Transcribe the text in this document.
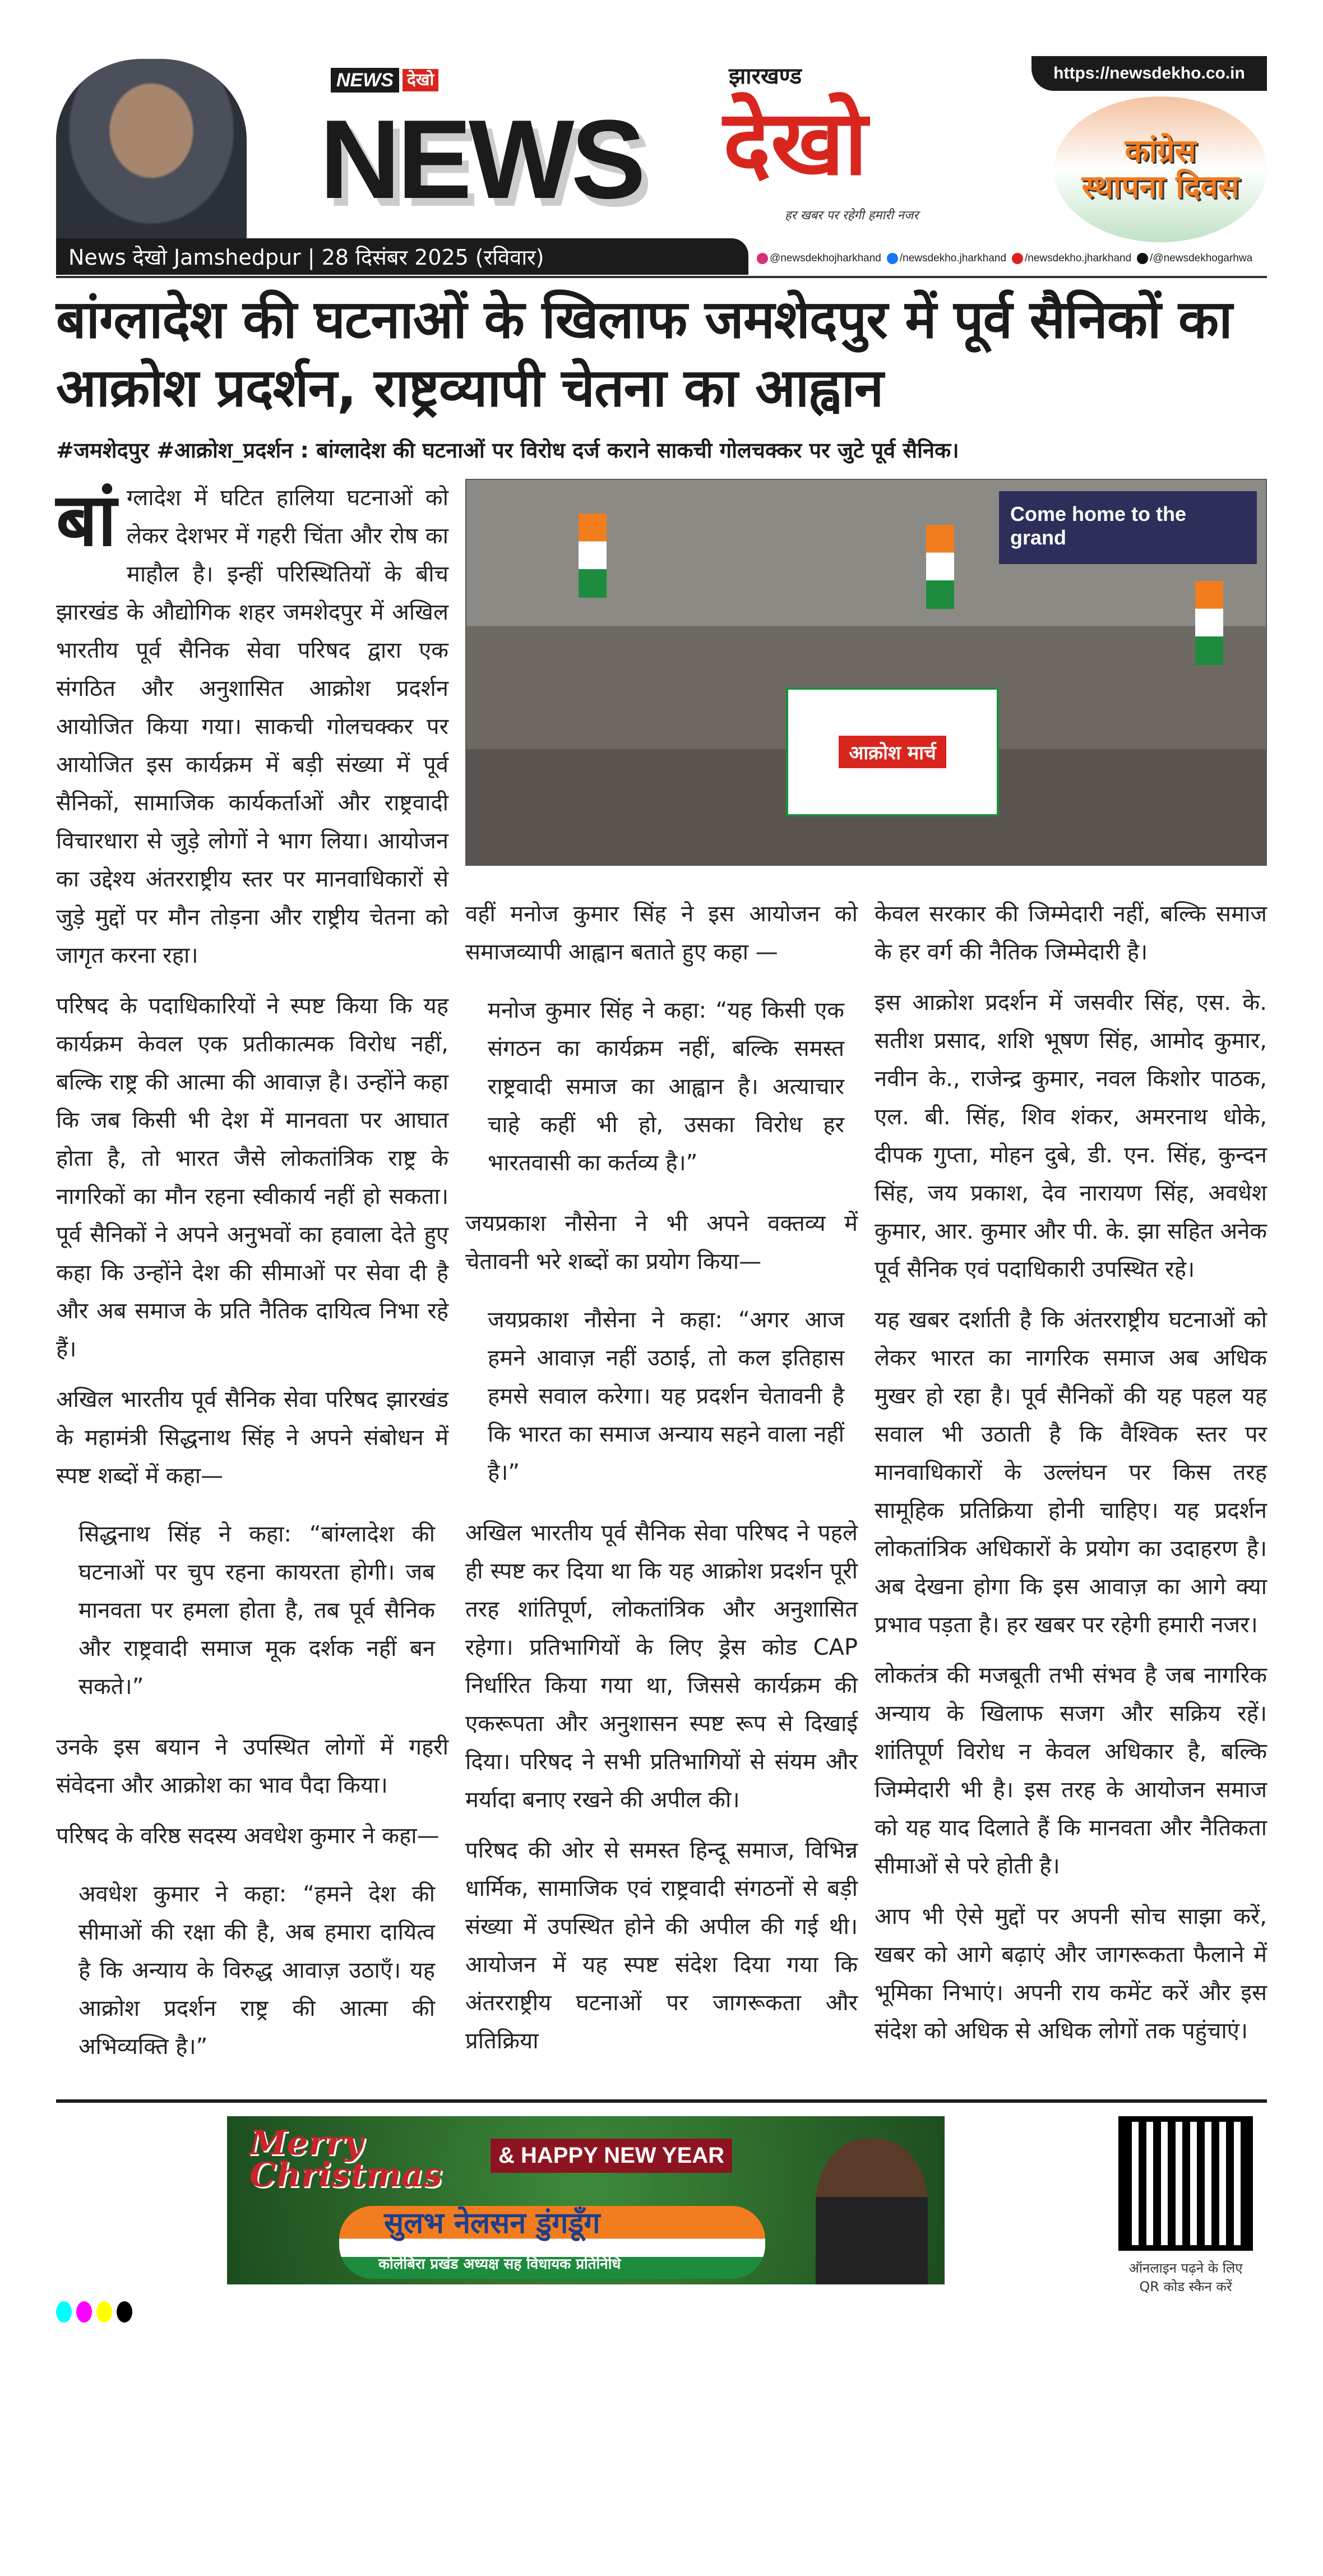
https://newsdekho.co.in
NEWS देखो	झारखण्ड
NEWS देखो
हर खबर पर रहेगी हमारी नजर
कांग्रेस
स्थापना दिवस
News देखो Jamshedpur | 28 दिसंबर 2025 (रविवार)	@newsdekhojharkhand	/newsdekho.jharkhand	/newsdekho.jharkhand	/@newsdekhogarhwa
बांग्लादेश की घटनाओं के खिलाफ जमशेदपुर में पूर्व सैनिकों का आक्रोश प्रदर्शन, राष्ट्रव्यापी चेतना का आह्वान
#जमशेदपुर #आक्रोश_प्रदर्शन : बांग्लादेश की घटनाओं पर विरोध दर्ज कराने साकची गोलचक्कर पर जुटे पूर्व सैनिक।

बांग्लादेश में घटित हालिया घटनाओं को लेकर देशभर में गहरी चिंता और रोष का माहौल है। इन्हीं परिस्थितियों के बीच झारखंड के औद्योगिक शहर जमशेदपुर में अखिल भारतीय पूर्व सैनिक सेवा परिषद द्वारा एक संगठित और अनुशासित आक्रोश प्रदर्शन आयोजित किया गया। साकची गोलचक्कर पर आयोजित इस कार्यक्रम में बड़ी संख्या में पूर्व सैनिकों, सामाजिक कार्यकर्ताओं और राष्ट्रवादी विचारधारा से जुड़े लोगों ने भाग लिया। आयोजन का उद्देश्य अंतरराष्ट्रीय स्तर पर मानवाधिकारों से जुड़े मुद्दों पर मौन तोड़ना और राष्ट्रीय चेतना को जागृत करना रहा।

परिषद के पदाधिकारियों ने स्पष्ट किया कि यह कार्यक्रम केवल एक प्रतीकात्मक विरोध नहीं, बल्कि राष्ट्र की आत्मा की आवाज़ है। उन्होंने कहा कि जब किसी भी देश में मानवता पर आघात होता है, तो भारत जैसे लोकतांत्रिक राष्ट्र के नागरिकों का मौन रहना स्वीकार्य नहीं हो सकता। पूर्व सैनिकों ने अपने अनुभवों का हवाला देते हुए कहा कि उन्होंने देश की सीमाओं पर सेवा दी है और अब समाज के प्रति नैतिक दायित्व निभा रहे हैं।

अखिल भारतीय पूर्व सैनिक सेवा परिषद झारखंड के महामंत्री सिद्धनाथ सिंह ने अपने संबोधन में स्पष्ट शब्दों में कहा—

सिद्धनाथ सिंह ने कहा: “बांग्लादेश की घटनाओं पर चुप रहना कायरता होगी। जब मानवता पर हमला होता है, तब पूर्व सैनिक और राष्ट्रवादी समाज मूक दर्शक नहीं बन सकते।”

उनके इस बयान ने उपस्थित लोगों में गहरी संवेदना और आक्रोश का भाव पैदा किया।

परिषद के वरिष्ठ सदस्य अवधेश कुमार ने कहा—

अवधेश कुमार ने कहा: “हमने देश की सीमाओं की रक्षा की है, अब हमारा दायित्व है कि अन्याय के विरुद्ध आवाज़ उठाएँ। यह आक्रोश प्रदर्शन राष्ट्र की आत्मा की अभिव्यक्ति है।”

Come home to the grand
आक्रोश मार्च

वहीं मनोज कुमार सिंह ने इस आयोजन को समाजव्यापी आह्वान बताते हुए कहा —

मनोज कुमार सिंह ने कहा: “यह किसी एक संगठन का कार्यक्रम नहीं, बल्कि समस्त राष्ट्रवादी समाज का आह्वान है। अत्याचार चाहे कहीं भी हो, उसका विरोध हर भारतवासी का कर्तव्य है।”

जयप्रकाश नौसेना ने भी अपने वक्तव्य में चेतावनी भरे शब्दों का प्रयोग किया—

जयप्रकाश नौसेना ने कहा: “अगर आज हमने आवाज़ नहीं उठाई, तो कल इतिहास हमसे सवाल करेगा। यह प्रदर्शन चेतावनी है कि भारत का समाज अन्याय सहने वाला नहीं है।”

अखिल भारतीय पूर्व सैनिक सेवा परिषद ने पहले ही स्पष्ट कर दिया था कि यह आक्रोश प्रदर्शन पूरी तरह शांतिपूर्ण, लोकतांत्रिक और अनुशासित रहेगा। प्रतिभागियों के लिए ड्रेस कोड CAP निर्धारित किया गया था, जिससे कार्यक्रम की एकरूपता और अनुशासन स्पष्ट रूप से दिखाई दिया। परिषद ने सभी प्रतिभागियों से संयम और मर्यादा बनाए रखने की अपील की।

परिषद की ओर से समस्त हिन्दू समाज, विभिन्न धार्मिक, सामाजिक एवं राष्ट्रवादी संगठनों से बड़ी संख्या में उपस्थित होने की अपील की गई थी। आयोजन में यह स्पष्ट संदेश दिया गया कि अंतरराष्ट्रीय घटनाओं पर जागरूकता और प्रतिक्रिया

केवल सरकार की जिम्मेदारी नहीं, बल्कि समाज के हर वर्ग की नैतिक जिम्मेदारी है।

इस आक्रोश प्रदर्शन में जसवीर सिंह, एस. के. सतीश प्रसाद, शशि भूषण सिंह, आमोद कुमार, नवीन के., राजेन्द्र कुमार, नवल किशोर पाठक, एल. बी. सिंह, शिव शंकर, अमरनाथ धोके, दीपक गुप्ता, मोहन दुबे, डी. एन. सिंह, कुन्दन सिंह, जय प्रकाश, देव नारायण सिंह, अवधेश कुमार, आर. कुमार और पी. के. झा सहित अनेक पूर्व सैनिक एवं पदाधिकारी उपस्थित रहे।

यह खबर दर्शाती है कि अंतरराष्ट्रीय घटनाओं को लेकर भारत का नागरिक समाज अब अधिक मुखर हो रहा है। पूर्व सैनिकों की यह पहल यह सवाल भी उठाती है कि वैश्विक स्तर पर मानवाधिकारों के उल्लंघन पर किस तरह सामूहिक प्रतिक्रिया होनी चाहिए। यह प्रदर्शन लोकतांत्रिक अधिकारों के प्रयोग का उदाहरण है। अब देखना होगा कि इस आवाज़ का आगे क्या प्रभाव पड़ता है। हर खबर पर रहेगी हमारी नजर।

लोकतंत्र की मजबूती तभी संभव है जब नागरिक अन्याय के खिलाफ सजग और सक्रिय रहें। शांतिपूर्ण विरोध न केवल अधिकार है, बल्कि जिम्मेदारी भी है। इस तरह के आयोजन समाज को यह याद दिलाते हैं कि मानवता और नैतिकता सीमाओं से परे होती है।

आप भी ऐसे मुद्दों पर अपनी सोच साझा करें, खबर को आगे बढ़ाएं और जागरूकता फैलाने में भूमिका निभाएं। अपनी राय कमेंट करें और इस संदेश को अधिक से अधिक लोगों तक पहुंचाएं।

Merry
Christmas	& HAPPY NEW YEAR
सुलभ नेलसन डुंगडूँग
कोलेबिरा प्रखंड अध्यक्ष सह विधायक प्रतिनिधि	ऑनलाइन पढ़ने के लिए
QR कोड स्कैन करें
